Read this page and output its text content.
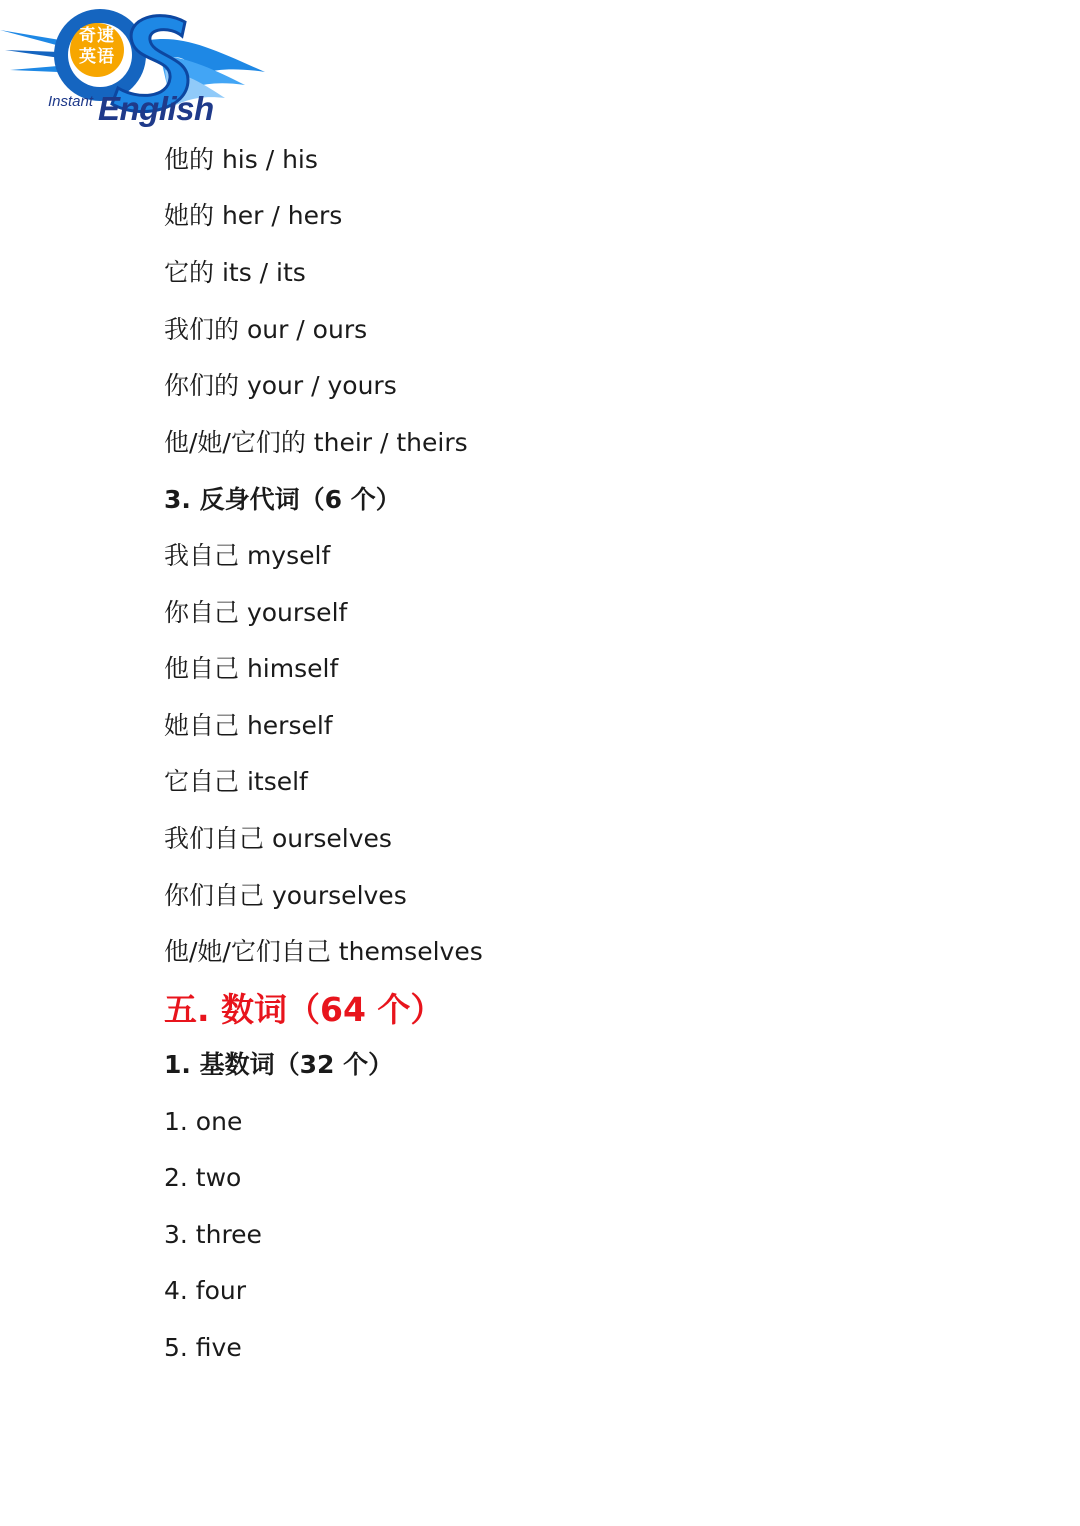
奇速
英语
Instant English
他的 his / his
她的 her / hers
它的 its / its
我们的 our / ours
你们的 your / yours
他/她/它们的 their / theirs
3. 反身代词（6 个）
我自己 myself
你自己 yourself
他自己 himself
她自己 herself
它自己 itself
我们自己 ourselves
你们自己 yourselves
他/她/它们自己 themselves
五. 数词（64 个）
1. 基数词（32 个）
1. one
2. two
3. three
4. four
5. five
